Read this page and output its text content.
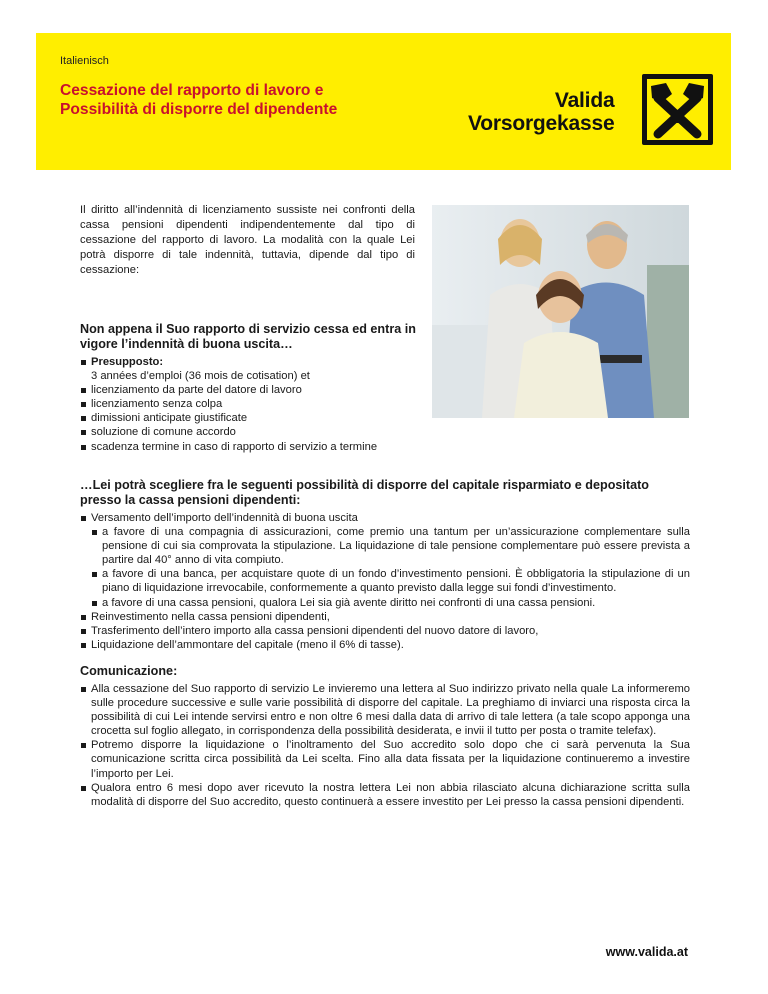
Italienisch
Cessazione del rapporto di lavoro e Possibilità di disporre del dipendente	Valida
Vorsorgekasse

Il diritto all’indennità di licenziamento sussiste nei confronti della cassa pensioni dipendenti indipendentemente dal tipo di cessazione del rapporto di lavoro. La modalità con la quale Lei potrà disporre di tale indennità, tuttavia, dipende dal tipo di cessazione:

Non appena il Suo rapporto di servizio cessa ed entra in vigore l’indennità di buona uscita…
Presupposto:
3 années d’emploi (36 mois de cotisation) et
licenziamento da parte del datore di lavoro
licenziamento senza colpa
dimissioni anticipate giustificate
soluzione di comune accordo
scadenza termine in caso di rapporto di servizio a termine
…Lei potrà scegliere fra le seguenti possibilità di disporre del capitale risparmiato e depositato presso la cassa pensioni dipendenti:
Versamento dell’importo dell’indennità di buona uscita
a favore di una compagnia di assicurazioni, come premio una tantum per un’assicurazione complementare sulla pensione di cui sia comprovata la stipulazione. La liquidazione di tale pensione complementare può essere prevista a partire dal 40° anno di vita compiuto.
a favore di una banca, per acquistare quote di un fondo d’investimento pensioni. È obbligatoria la stipulazione di un piano di liquidazione irrevocabile, conformemente a quanto previsto dalla legge sui fondi d’investimento.
a favore di una cassa pensioni, qualora Lei sia già avente diritto nei confronti di una cassa pensioni.
Reinvestimento nella cassa pensioni dipendenti,
Trasferimento dell’intero importo alla cassa pensioni dipendenti del nuovo datore di lavoro,
Liquidazione dell’ammontare del capitale (meno il 6% di tasse).
Comunicazione:
Alla cessazione del Suo rapporto di servizio Le invieremo una lettera al Suo indirizzo privato nella quale La informeremo sulle procedure successive e sulle varie possibilità di disporre del capitale. La preghiamo di inviarci una risposta circa la possibilità di cui Lei intende servirsi entro e non oltre 6 mesi dalla data di arrivo di tale lettera (a tale scopo apponga una crocetta sul foglio allegato, in corrispondenza della possibilità desiderata, e invii il tutto per posta o tramite telefax).
Potremo disporre la liquidazione o l’inoltramento del Suo accredito solo dopo che ci sarà pervenuta la Sua comunicazione scritta circa possibilità da Lei scelta. Fino alla data fissata per la liquidazione continueremo a investire l’importo per Lei.
Qualora entro 6 mesi dopo aver ricevuto la nostra lettera Lei non abbia rilasciato alcuna dichiarazione scritta sulla modalità di disporre del Suo accredito, questo continuerà a essere investito per Lei presso la cassa pensioni dipendenti.
www.valida.at
